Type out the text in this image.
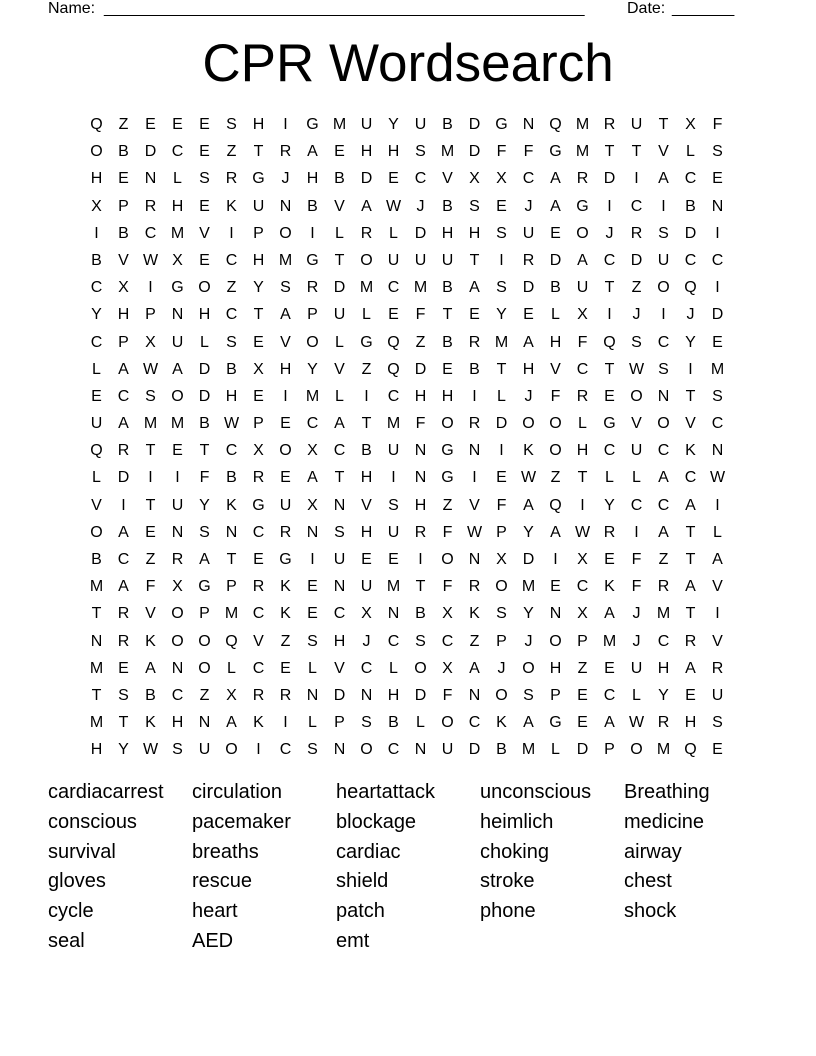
Name: ______________________________________________________	Date: _______
CPR Wordsearch
Q Z	E	E	E	S H	I	G M U Y U B D G N Q M R U	T	X	F
O B D C E	Z	T	R A	E H H S M D	F	F G M T	T	V	L	S
H E N	L	S R G	J	H B D E C V	X	X C A R D	I	A C E
X	P R H E	K U N B	V	A W J	B	S	E	J	A G	I	C	I	B N
I	B C M V	I	P O	I	L	R	L	D H H S U E O	J	R S D	I
B	V W X	E C H M G T O U U U	T	I	R D A C D U C C
C X	I	G O Z	Y	S R D M C M B	A	S D B U	T	Z O Q	I
Y H P N H C	T	A	P U	L	E	F	T	E	Y	E	L	X	I	J	I	J	D
C P	X U	L	S	E	V O	L	G Q Z	B R M A H	F Q S C Y	E
L	A W A D B	X H Y	V	Z Q D E	B	T	H V C	T W S	I	M
E C S O D H E	I	M L	I	C H H	I	L	J	F	R E O N	T	S
U A M M B W P	E C A	T M F O R D O O	L	G V O V C
Q R	T	E	T	C X O X C B U N G N	I	K O H C U C K N
L	D	I	I	F	B R E	A	T	H	I	N G	I	E W Z	T	L	L	A C W
V	I	T	U Y	K G U X N V	S H	Z	V	F	A Q	I	Y C C A	I
O A	E N S N C R N S H U R	F W P	Y	A W R	I	A	T	L
B C	Z	R A	T	E G	I	U E	E	I	O N X D	I	X	E	F	Z	T	A
M A	F	X G P R K	E N U M T	F	R O M E C K	F	R A	V
T	R V O P M C K	E C X N B	X	K	S	Y N X	A	J	M T	I
N R K O O Q V	Z	S H	J	C S C	Z	P	J	O P M	J	C R V
M E	A N O	L	C E	L	V C	L	O X	A	J	O H	Z	E U H A R
T	S	B C	Z	X R R N D N H D	F	N O S	P	E C	L	Y	E U
M T	K H N A	K	I	L	P	S	B	L	O C K	A G E	A W R H S
H Y W S U O	I	C S N O C N U D B M L	D P O M Q E
cardiacarrest	circulation	heartattack	unconscious	Breathing
conscious	pacemaker	blockage	heimlich	medicine
survival	breaths	cardiac	choking	airway
gloves	rescue	shield	stroke	chest
cycle	heart	patch	phone	shock
seal	AED	emt
